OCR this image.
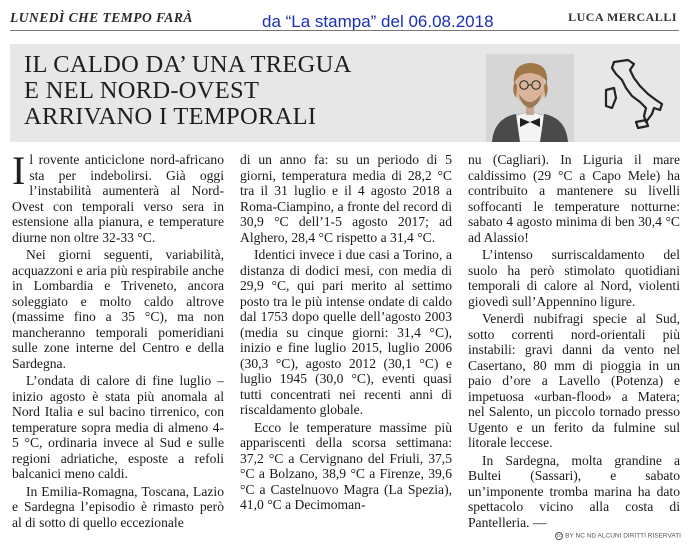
LUNEDÌ CHE TEMPO FARÀ	da “La stampa” del 06.08.2018	LUCA MERCALLI
IL CALDO DA’ UNA TREGUA
E NEL NORD-OVEST
ARRIVANO I TEMPORALI

Il rovente anticiclone nord-africano sta per indebolirsi. Già oggi l’instabilità aumenterà al Nord-Ovest con temporali verso sera in estensione alla pianura, e temperature diurne non oltre 32-33 °C.

Nei giorni seguenti, variabilità, acquazzoni e aria più respirabile anche in Lombardia e Triveneto, ancora soleggiato e molto caldo altrove (massime fino a 35 °C), ma non mancheranno temporali pomeridiani sulle zone interne del Centro e della Sardegna.

L’ondata di calore di fine luglio – inizio agosto è stata più anomala al Nord Italia e sul bacino tirrenico, con temperature sopra media di almeno 4-5 °C, ordinaria invece al Sud e sulle regioni adriatiche, esposte a refoli balcanici meno caldi.

In Emilia-Romagna, Toscana, Lazio e Sardegna l’episodio è rimasto però al di sotto di quello eccezionale

di un anno fa: su un periodo di 5 giorni, temperatura media di 28,2 °C tra il 31 luglio e il 4 agosto 2018 a Roma-Ciampino, a fronte del record di 30,9 °C dell’1-5 agosto 2017; ad Alghero, 28,4 °C rispetto a 31,4 °C.

Identici invece i due casi a Torino, a distanza di dodici mesi, con media di 29,9 °C, qui pari merito al settimo posto tra le più intense ondate di caldo dal 1753 dopo quelle dell’agosto 2003 (media su cinque giorni: 31,4 °C), inizio e fine luglio 2015, luglio 2006 (30,3 °C), agosto 2012 (30,1 °C) e luglio 1945 (30,0 °C), eventi quasi tutti concentrati nei recenti anni di riscaldamento globale.

Ecco le temperature massime più appariscenti della scorsa settimana: 37,2 °C a Cervignano del Friuli, 37,5 °C a Bolzano, 38,9 °C a Firenze, 39,6 °C a Castelnuovo Magra (La Spezia), 41,0 °C a Decimoman-

nu (Cagliari). In Liguria il mare caldissimo (29 °C a Capo Mele) ha contribuito a mantenere su livelli soffocanti le temperature notturne: sabato 4 agosto minima di ben 30,4 °C ad Alassio!

L’intenso surriscaldamento del suolo ha però stimolato quotidiani temporali di calore al Nord, violenti giovedì sull’Appennino ligure.

Venerdì nubifragi specie al Sud, sotto correnti nord-orientali più instabili: gravi danni da vento nel Casertano, 80 mm di pioggia in un paio d’ore a Lavello (Potenza) e impetuosa «urban-flood» a Matera; nel Salento, un piccolo tornado presso Ugento e un ferito da fulmine sul litorale leccese.

In Sardegna, molta grandine a Bultei (Sassari), e sabato un’imponente tromba marina ha dato spettacolo vicino alla costa di Pantelleria. —

cc BY NC ND ALCUNI DIRITTI RISERVATI
